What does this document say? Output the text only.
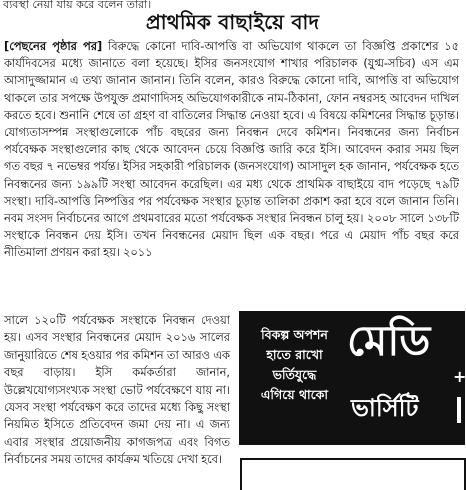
ব্যবস্থা নেয়া যায় করে বলেন তারা।
প্রাথমিক বাছাইয়ে বাদ
[পেছনের পৃষ্ঠার পর] বিরুদ্ধে কোনো দাবি-আপত্তি বা অভিযোগ থাকলে তা বিজ্ঞপ্তি প্রকাশের ১৫ কার্যদিবসের মধ্যে জানাতে বলা হয়েছে। ইসির জনসংযোগ শাখার পরিচালক (যুগ্ম-সচিব) এস এম আসাদুজ্জামান এ তথ্য জানান জানান। তিনি বলেন, কারও বিরুদ্ধে কোনো দাবি, আপত্তি বা অভিযোগ থাকলে তার সপক্ষে উপযুক্ত প্রমাণাদিসহ অভিযোগকারীকে নাম-ঠিকানা, ফোন নম্বরসহ আবেদন দাখিল করতে হবে। শুনানি শেষে তা গ্রহণ বা বাতিলের সিদ্ধান্ত নেওয়া হবে। এ বিষয়ে কমিশনের সিদ্ধান্ত চূড়ান্ত। যোগ্যতাসম্পন্ন সংস্থাগুলোকে পাঁচ বছরের জন্য নিবন্ধন দেবে কমিশন। নিবন্ধনের জন্য নির্বাচন পর্যবেক্ষক সংস্থাগুলোর কাছ থেকে আবেদন চেয়ে বিজ্ঞপ্তি জারি করে ইসি। আবেদন করার সময় ছিল গত বছর ৭ নভেম্বর পর্যন্ত। ইসির সহকারী পরিচালক (জনসংযোগ) আসাদুল হক জানান, পর্যবেক্ষক হতে নিবন্ধনের জন্য ১৯৯টি সংস্থা আবেদন করেছিল। এর মধ্য থেকে প্রাথমিক বাছাইয়ে বাদ পড়েছে ৭৯টি সংস্থা। দাবি-আপত্তি নিষ্পত্তির পর পর্যবেক্ষক সংস্থার চূড়ান্ত তালিকা প্রকাশ করা হবে বলে জানান তিনি। নবম সংসদ নির্বাচনের আগে প্রথমবারের মতো পর্যবেক্ষক সংস্থার নিবন্ধন চালু হয়। ২০০৮ সালে ১৩৮টি সংস্থাকে নিবন্ধন দেয় ইসি। তখন নিবন্ধনের মেয়াদ ছিল এক বছর। পরে এ মেয়াদ পাঁচ বছর করে নীতিমালা প্রণয়ন করা হয়। ২০১১
সালে ১২০টি পর্যবেক্ষক সংস্থাকে নিবন্ধন দেওয়া হয়। এসব সংস্থার নিবন্ধনের মেয়াদ ২০১৬ সালের জানুয়ারিতে শেষ হওয়ার পর কমিশন তা আরও এক বছর বাড়ায়। ইসি কর্মকর্তারা জানান, উল্লেখযোগ্যসংখ্যক সংস্থা ভোট পর্যবেক্ষণে যায় না। যেসব সংস্থা পর্যবেক্ষণ করে তাদের মধ্যে কিছু সংস্থা নিয়মিত ইসিতে প্রতিবেদন জমা দেয় না। এ জন্য এবার সংস্থার প্রয়োজনীয় কাগজপত্র এবং বিগত নির্বাচনের সময় তাদের কার্যক্রম খতিয়ে দেখা হবে।
বিকল্প অপশন
হাতে রাখো
ভর্তিযুদ্ধে
এগিয়ে থাকো
মেডি
+
ভার্সিটি
